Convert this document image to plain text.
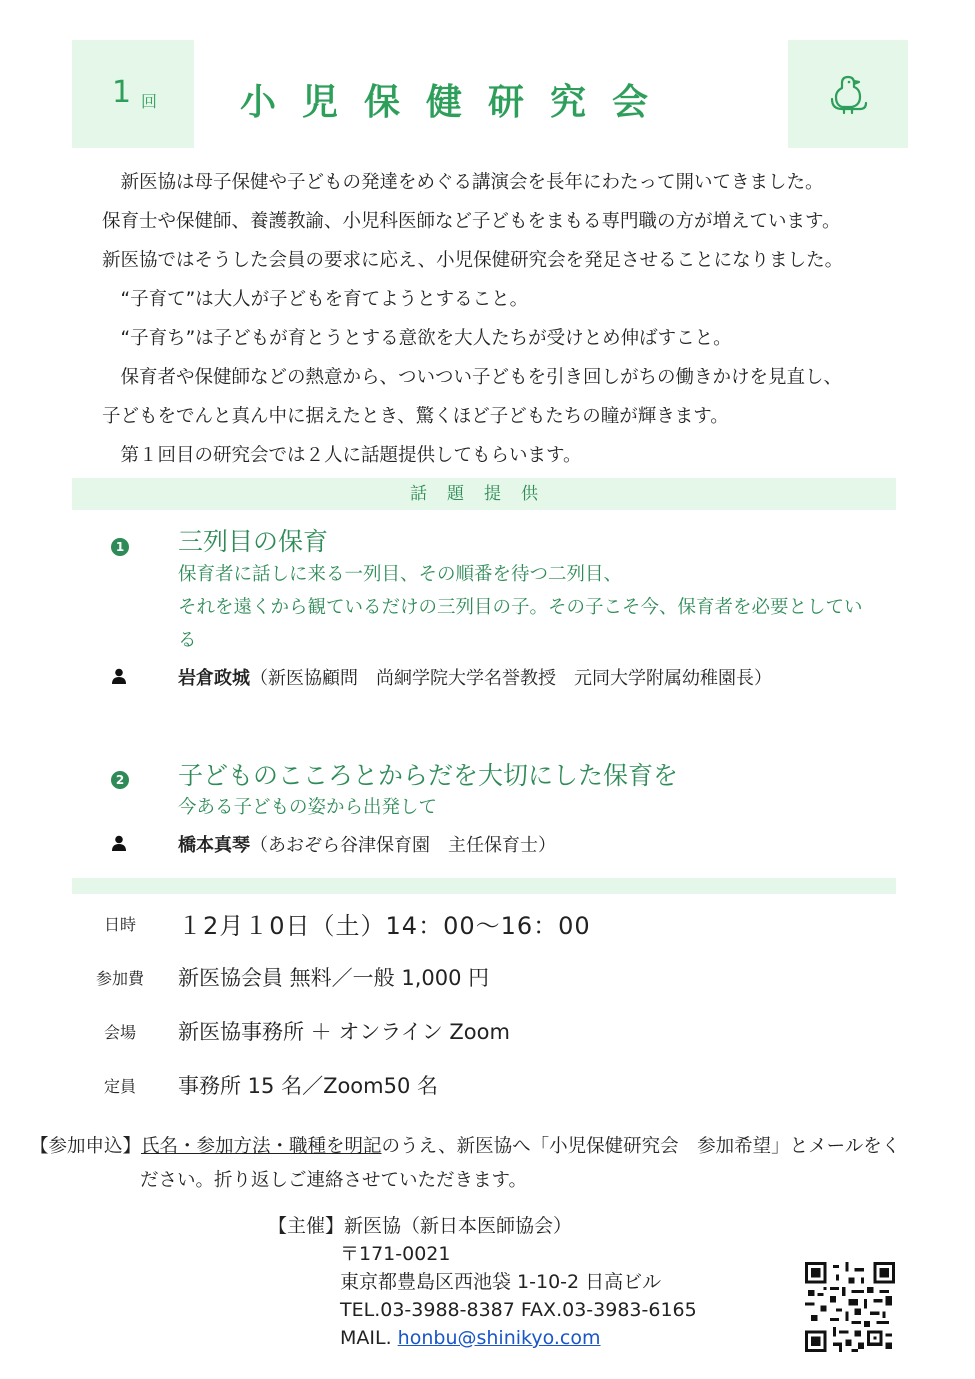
1 回 小児保健研究会

　新医協は母子保健や子どもの発達をめぐる講演会を長年にわたって開いてきました。

保育士や保健師、養護教諭、小児科医師など子どもをまもる専門職の方が増えています。

新医協ではそうした会員の要求に応え、小児保健研究会を発足させることになりました。

　“子育て”は大人が子どもを育てようとすること。

　“子育ち”は子どもが育とうとする意欲を大人たちが受けとめ伸ばすこと。

　保育者や保健師などの熱意から、ついつい子どもを引き回しがちの働きかけを見直し、

子どもをでんと真ん中に据えたとき、驚くほど子どもたちの瞳が輝きます。

　第１回目の研究会では２人に話題提供してもらいます。

話題提供
1 三列目の保育
保育者に話しに来る一列目、その順番を待つ二列目、
それを遠くから観ているだけの三列目の子。その子こそ今、保育者を必要としてい
る
岩倉政城（新医協顧問　尚絅学院大学名誉教授　元同大学附属幼稚園長）
2 子どものこころとからだを大切にした保育を
今ある子どもの姿から出発して
橋本真琴（あおぞら谷津保育園　主任保育士）
日時	１2月１0日（土）14：00～16：00
参加費	新医協会員 無料／一般 1,000 円
会場	新医協事務所 ＋ オンライン Zoom
定員	事務所 15 名／Zoom50 名
【参加申込】氏名・参加方法・職種を明記のうえ、新医協へ「小児保健研究会　参加希望」とメールをく
ださい。折り返しご連絡させていただきます。
【主催】新医協（新日本医師協会）
〒171-0021
東京都豊島区西池袋 1-10-2 日高ビル
TEL.03-3988-8387 FAX.03-3983-6165
MAIL. honbu@shinikyo.com
